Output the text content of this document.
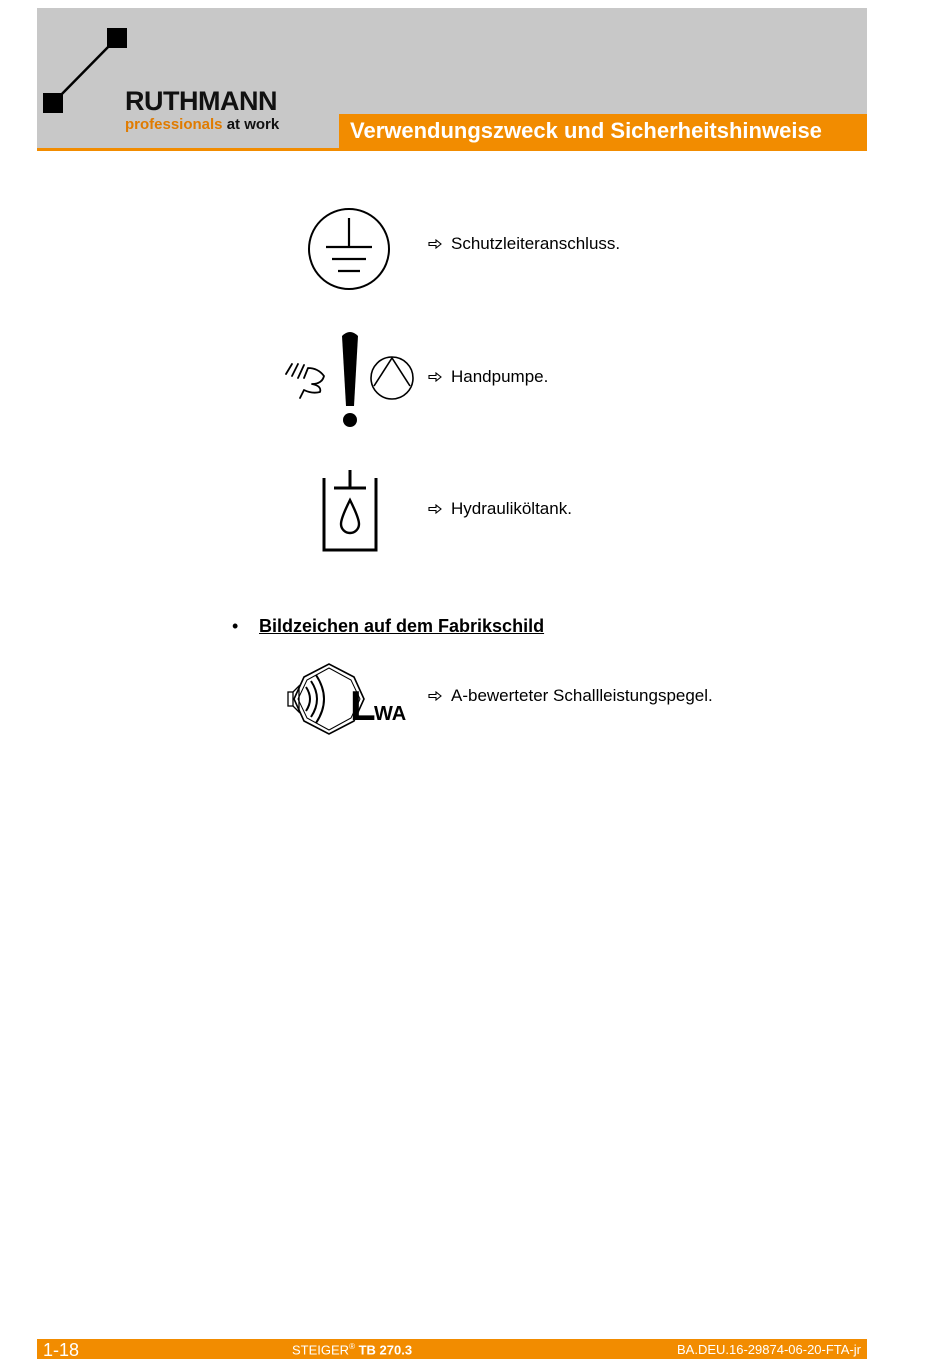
RUTHMANN
professionals at work	Verwendungszweck und Sicherheitshinweise
Schutzleiteranschluss.
Handpumpe.
Hydrauliköltank.
• Bildzeichen auf dem Fabrikschild
L
WA
A-bewerteter Schallleistungspegel.
1-18	STEIGER® TB 270.3	BA.DEU.16-29874-06-20-FTA-jr
